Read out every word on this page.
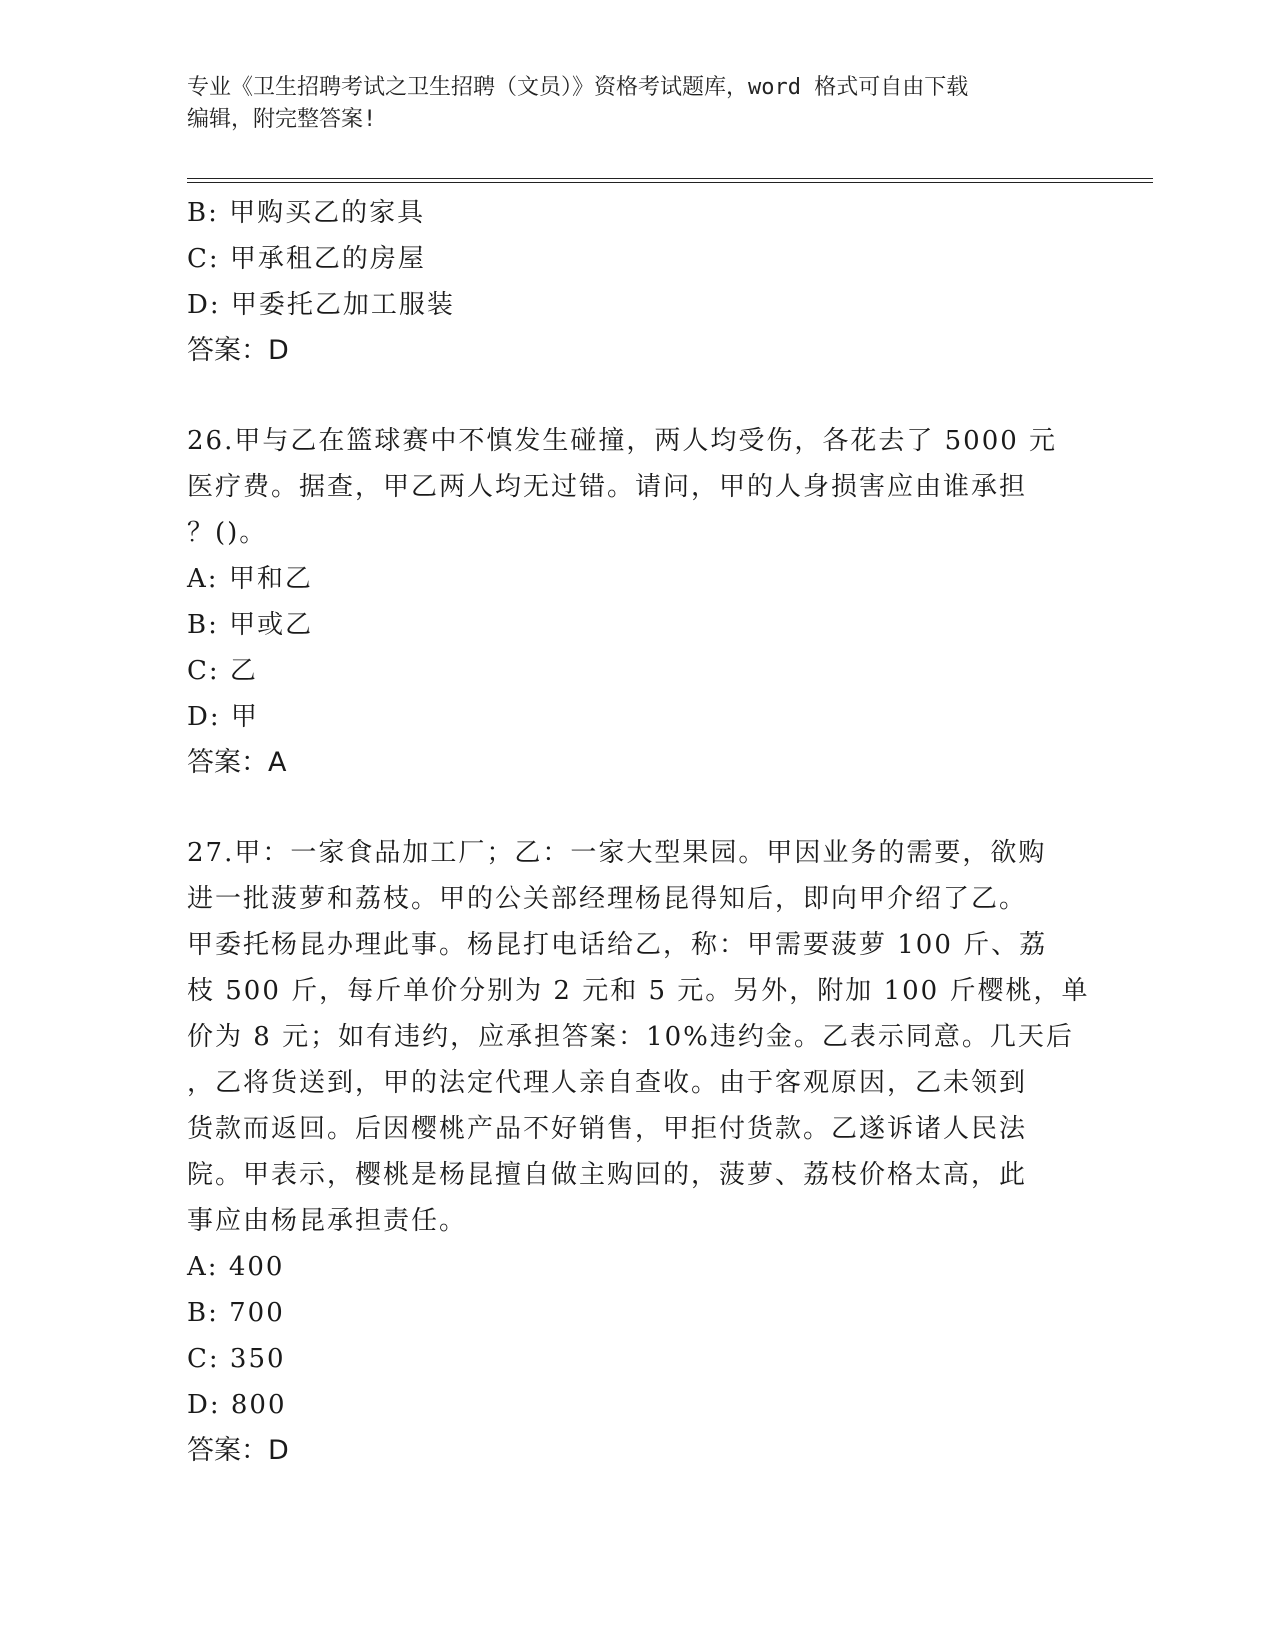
专业《卫生招聘考试之卫生招聘（文员）》资格考试题库，word 格式可自由下载
编辑，附完整答案!
B: 甲购买乙的家具
C: 甲承租乙的房屋
D: 甲委托乙加工服装
答案：D
26.甲与乙在篮球赛中不慎发生碰撞，两人均受伤，各花去了 5000 元
医疗费。据查，甲乙两人均无过错。请问，甲的人身损害应由谁承担
？()。
A: 甲和乙
B: 甲或乙
C: 乙
D: 甲
答案：A
27.甲：一家食品加工厂；乙：一家大型果园。甲因业务的需要，欲购
进一批菠萝和荔枝。甲的公关部经理杨昆得知后，即向甲介绍了乙。
甲委托杨昆办理此事。杨昆打电话给乙，称：甲需要菠萝 100 斤、荔
枝 500 斤，每斤单价分别为 2 元和 5 元。另外，附加 100 斤樱桃，单
价为 8 元；如有违约，应承担答案：10%违约金。乙表示同意。几天后
，乙将货送到，甲的法定代理人亲自查收。由于客观原因，乙未领到
货款而返回。后因樱桃产品不好销售，甲拒付货款。乙遂诉诸人民法
院。甲表示，樱桃是杨昆擅自做主购回的，菠萝、荔枝价格太高，此
事应由杨昆承担责任。
A: 400
B: 700
C: 350
D: 800
答案：D
